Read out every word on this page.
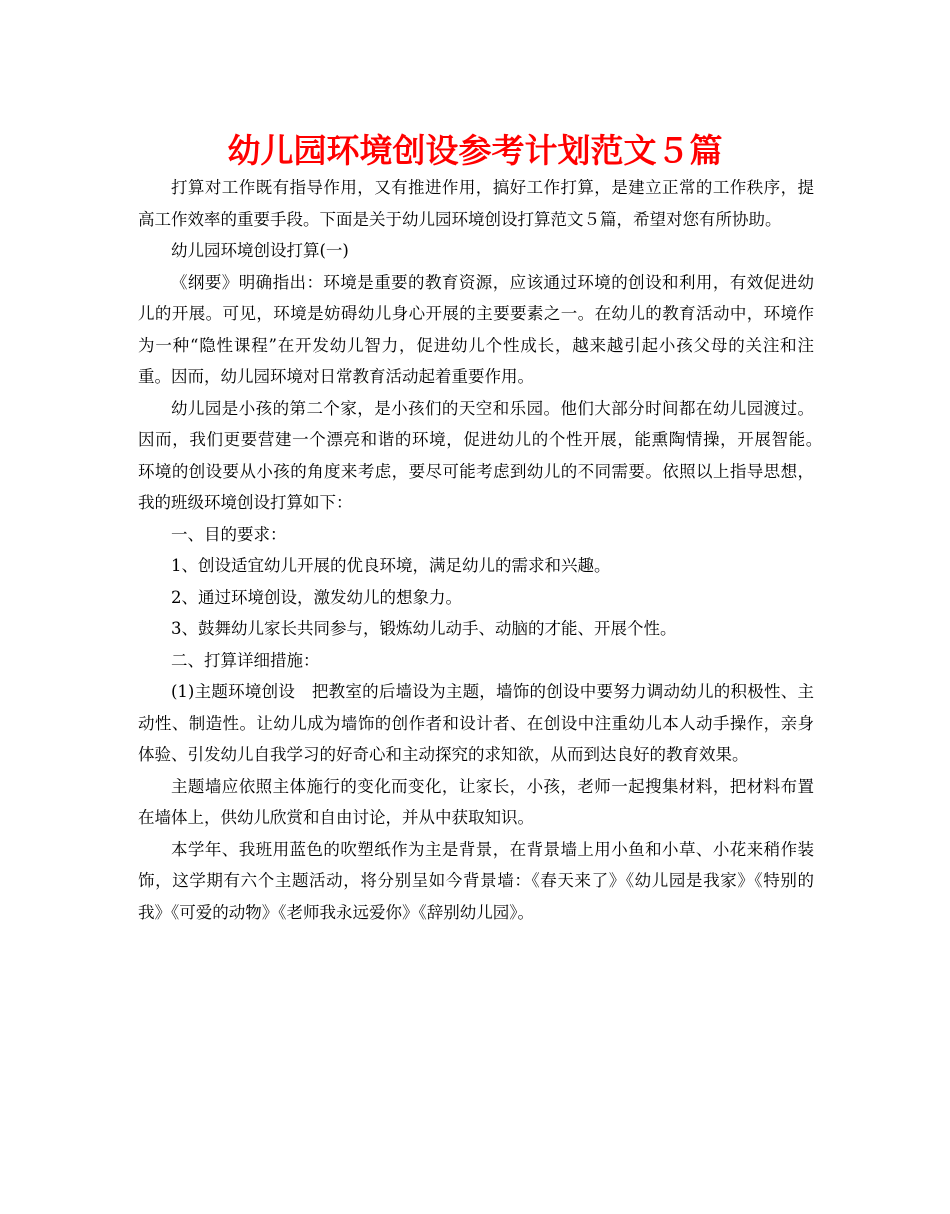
幼儿园环境创设参考计划范文５篇

打算对工作既有指导作用，又有推进作用，搞好工作打算，是建立正常的工作秩序，提高工作效率的重要手段。下面是关于幼儿园环境创设打算范文５篇，希望对您有所协助。

幼儿园环境创设打算(一)

《纲要》明确指出：环境是重要的教育资源，应该通过环境的创设和利用，有效促进幼儿的开展。可见，环境是妨碍幼儿身心开展的主要要素之一。在幼儿的教育活动中，环境作为一种“隐性课程”在开发幼儿智力，促进幼儿个性成长，越来越引起小孩父母的关注和注重。因而，幼儿园环境对日常教育活动起着重要作用。

幼儿园是小孩的第二个家，是小孩们的天空和乐园。他们大部分时间都在幼儿园渡过。因而，我们更要营建一个漂亮和谐的环境，促进幼儿的个性开展，能熏陶情操，开展智能。　环境的创设要从小孩的角度来考虑，要尽可能考虑到幼儿的不同需要。依照以上指导思想，我的班级环境创设打算如下：

一、目的要求：

1、创设适宜幼儿开展的优良环境，满足幼儿的需求和兴趣。

2、通过环境创设，激发幼儿的想象力。

3、鼓舞幼儿家长共同参与，锻炼幼儿动手、动脑的才能、开展个性。

二、打算详细措施：

(1)主题环境创设　把教室的后墙设为主题，墙饰的创设中要努力调动幼儿的积极性、主动性、制造性。让幼儿成为墙饰的创作者和设计者、在创设中注重幼儿本人动手操作，亲身体验、引发幼儿自我学习的好奇心和主动探究的求知欲，从而到达良好的教育效果。

主题墙应依照主体施行的变化而变化，让家长，小孩，老师一起搜集材料，把材料布置在墙体上，供幼儿欣赏和自由讨论，并从中获取知识。

本学年、我班用蓝色的吹塑纸作为主是背景，在背景墙上用小鱼和小草、小花来稍作装饰，这学期有六个主题活动，将分别呈如今背景墙：《春天来了》《幼儿园是我家》《特别的我》《可爱的动物》《老师我永远爱你》《辞别幼儿园》。
